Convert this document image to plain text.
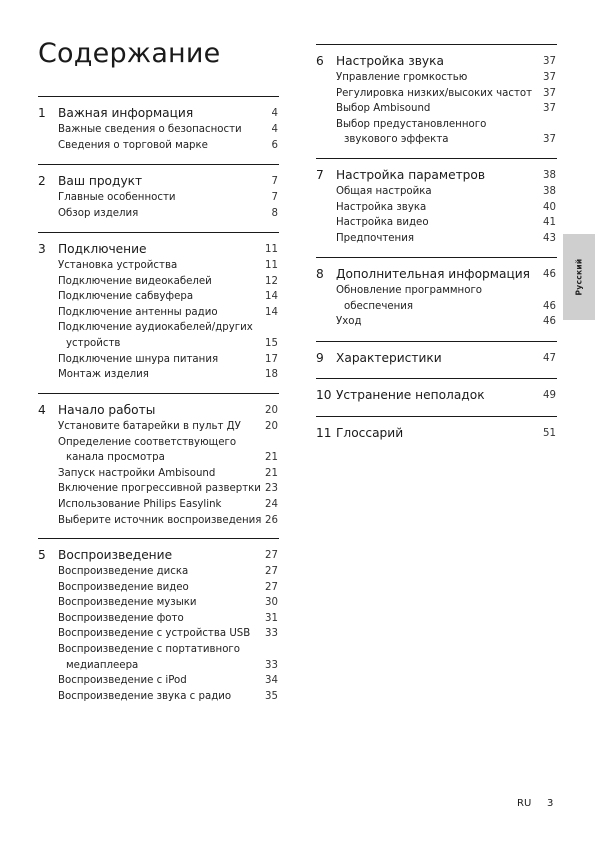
Содержание
1 Важная информация	4
Важные сведения о безопасности	4
Сведения о торговой марке	6
2 Ваш продукт	7
Главные особенности	7
Обзор изделия	8
3 Подключение	11
Установка устройства	11
Подключение видеокабелей	12
Подключение сабвуфера	14
Подключение антенны радио	14
Подключение аудиокабелей/других
устройств	15
Подключение шнура питания	17
Монтаж изделия	18
4 Начало работы	20
Установите батарейки в пульт ДУ 20
Определение соответствующего
канала просмотра	21
Запуск настройки Ambisound	21
Включение прогрессивной развертки 23
Использование Philips Easylink	24
Выберите источник воспроизведения 26
5 Воспроизведение	27
Воспроизведение диска	27
Воспроизведение видео	27
Воспроизведение музыки	30
Воспроизведение фото	31
Воспроизведение с устройства USB 33
Воспроизведение с портативного
медиаплеера	33
Воспроизведение с iPod	34
Воспроизведение звука с радио	35
6 Настройка звука	37
Управление громкостью	37
Регулировка низких/высоких частот 37
Выбор Ambisound	37
Выбор предустановленного
звукового эффекта	37
7 Настройка параметров	38
Общая настройка	38
Настройка звука	40
Настройка видео	41
Предпочтения	43
8 Дополнительная информация 46
Обновление программного
обеспечения	46
Уход	46
9 Характеристики	47
10 Устранение неполадок	49
11 Глоссарий	51
Русский
RU 3
